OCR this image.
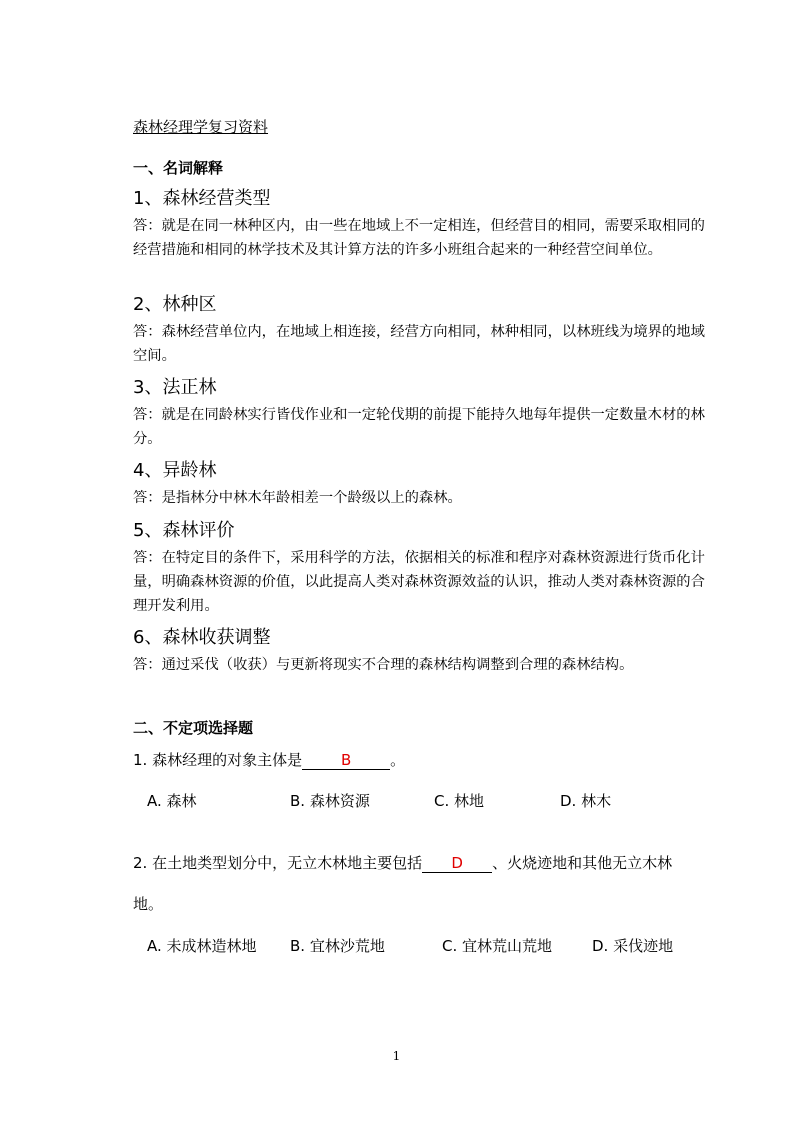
森林经理学复习资料
一、名词解释
1、森林经营类型
答：就是在同一林种区内，由一些在地域上不一定相连，但经营目的相同，需要采取相同的经营措施和相同的林学技术及其计算方法的许多小班组合起来的一种经营空间单位。
2、林种区
答：森林经营单位内，在地域上相连接，经营方向相同，林种相同，以林班线为境界的地域空间。
3、法正林
答：就是在同龄林实行皆伐作业和一定轮伐期的前提下能持久地每年提供一定数量木材的林分。
4、异龄林
答：是指林分中林木年龄相差一个龄级以上的森林。
5、森林评价
答：在特定目的条件下，采用科学的方法，依据相关的标准和程序对森林资源进行货币化计量，明确森林资源的价值，以此提高人类对森林资源效益的认识，推动人类对森林资源的合理开发利用。
6、森林收获调整
答：通过采伐（收获）与更新将现实不合理的森林结构调整到合理的森林结构。
二、不定项选择题
1. 森林经理的对象主体是	B	。
A. 森林	B. 森林资源	C. 林地	D. 林木
2. 在土地类型划分中，无立木林地主要包括 D 、火烧迹地和其他无立木林
地。
A. 未成林造林地 B. 宜林沙荒地	C. 宜林荒山荒地	D. 采伐迹地
1
